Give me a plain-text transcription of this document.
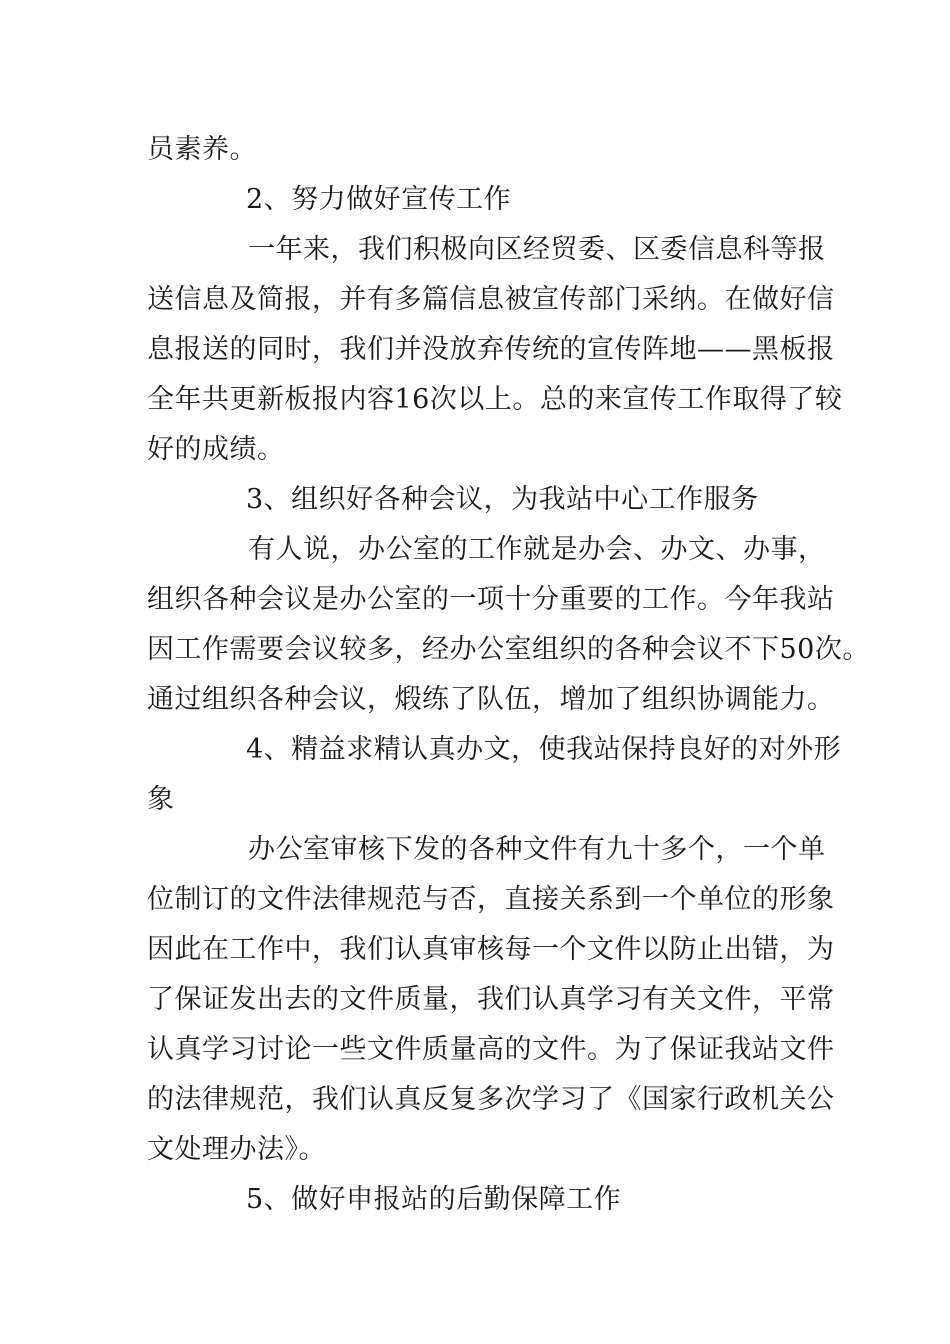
员素养。
2、努力做好宣传工作
一年来，我们积极向区经贸委、区委信息科等报
送信息及简报，并有多篇信息被宣传部门采纳。在做好信
息报送的同时，我们并没放弃传统的宣传阵地——黑板报
全年共更新板报内容16次以上。总的来宣传工作取得了较
好的成绩。
3、组织好各种会议，为我站中心工作服务
有人说，办公室的工作就是办会、办文、办事，
组织各种会议是办公室的一项十分重要的工作。今年我站
因工作需要会议较多，经办公室组织的各种会议不下50次。
通过组织各种会议，煅练了队伍，增加了组织协调能力。
4、精益求精认真办文，使我站保持良好的对外形
象
办公室审核下发的各种文件有九十多个，一个单
位制订的文件法律规范与否，直接关系到一个单位的形象
因此在工作中，我们认真审核每一个文件以防止出错，为
了保证发出去的文件质量，我们认真学习有关文件，平常
认真学习讨论一些文件质量高的文件。为了保证我站文件
的法律规范，我们认真反复多次学习了《国家行政机关公
文处理办法》。
5、做好申报站的后勤保障工作
